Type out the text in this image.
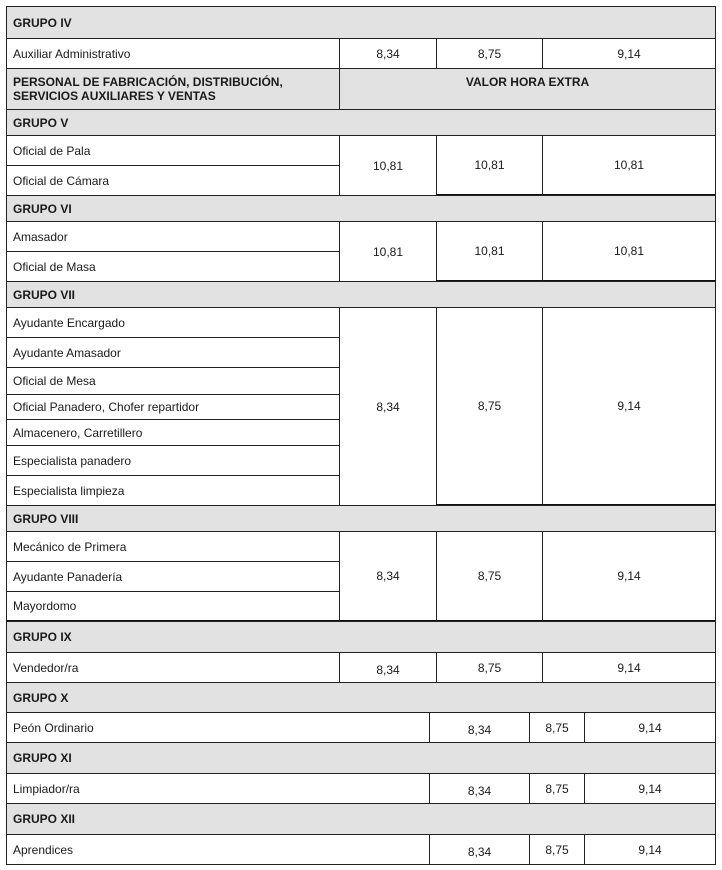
GRUPO IV
Auxiliar Administrativo	8,34	8,75	9,14
PERSONAL DE FABRICACIÓN, DISTRIBUCIÓN, SERVICIOS AUXILIARES Y VENTAS
VALOR HORA EXTRA
GRUPO V
Oficial de Pala
Oficial de Cámara
10,81	10,81	10,81
GRUPO VI
Amasador
Oficial de Masa
10,81	10,81	10,81
GRUPO VII
Ayudante Encargado
Ayudante Amasador
Oficial de Mesa
Oficial Panadero, Chofer repartidor
Almacenero, Carretillero
Especialista panadero
Especialista limpieza
8,34	8,75	9,14
GRUPO VIII
Mecánico de Primera
Ayudante Panadería
Mayordomo
8,34	8,75	9,14
GRUPO IX
Vendedor/ra	8,34	8,75	9,14
GRUPO X
Peón Ordinario	8,34	8,75	9,14
GRUPO XI
Limpiador/ra	8,34	8,75	9,14
GRUPO XII
Aprendices	8,34	8,75	9,14
